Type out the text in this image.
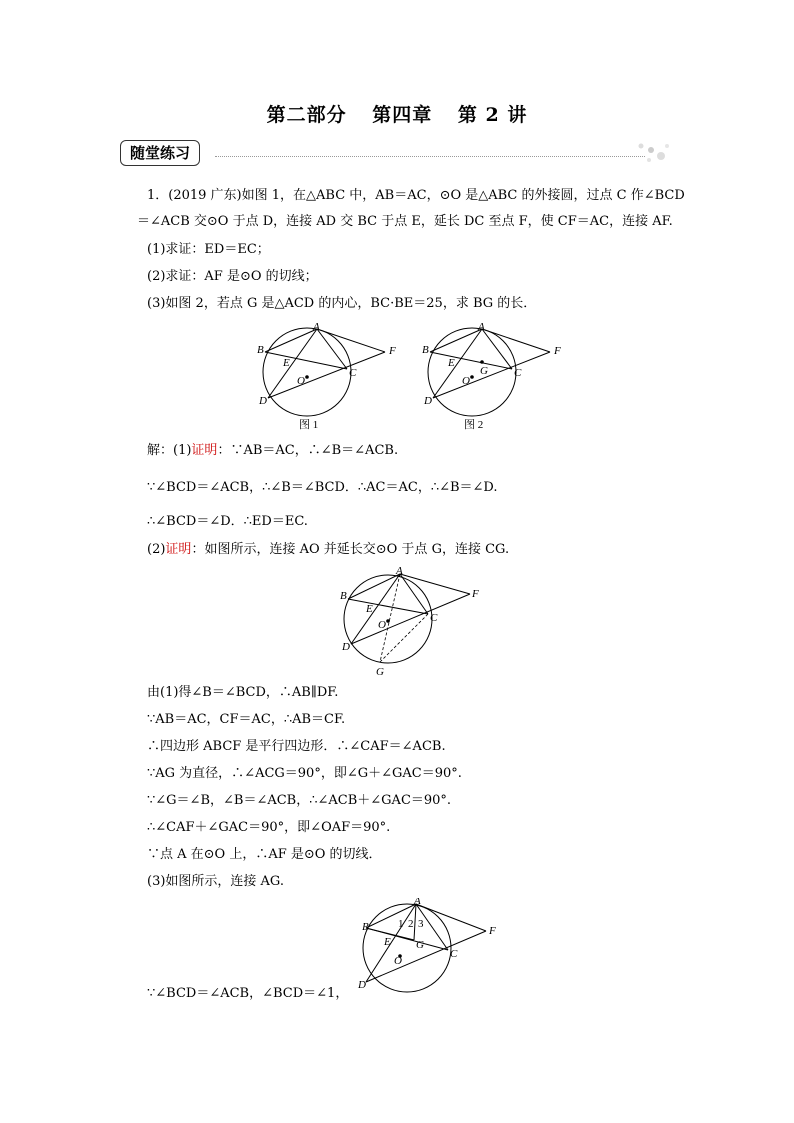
第二部分 第四章 第 2 讲
随堂练习
1．(2019 广东)如图 1，在△ABC 中，AB＝AC，⊙O 是△ABC 的外接圆，过点 C 作∠BCD
＝∠ACB 交⊙O 于点 D，连接 AD 交 BC 于点 E，延长 DC 至点 F，使 CF＝AC，连接 AF.
(1)求证：ED＝EC；
(2)求证：AF 是⊙O 的切线；
(3)如图 2，若点 G 是△ACD 的内心，BC·BE＝25，求 BG 的长．
A
B
C
D
E
F
O
图 1
A
B
C
D
E
F
G
O
图 2
解：(1)证明：∵AB＝AC，∴∠B＝∠ACB.
∵∠BCD＝∠ACB，∴∠B＝∠BCD．∴AC＝AC，∴∠B＝∠D.
∴∠BCD＝∠D．∴ED＝EC.
(2)证明：如图所示，连接 AO 并延长交⊙O 于点 G，连接 CG.
A
B
C
D
E
F
G
O
由(1)得∠B＝∠BCD，∴AB∥DF.
∵AB＝AC，CF＝AC，∴AB＝CF.
∴四边形 ABCF 是平行四边形．∴∠CAF＝∠ACB.
∵AG 为直径，∴∠ACG＝90°，即∠G＋∠GAC＝90°.
∵∠G＝∠B，∠B＝∠ACB，∴∠ACB＋∠GAC＝90°.
∴∠CAF＋∠GAC＝90°，即∠OAF＝90°.
∵点 A 在⊙O 上，∴AF 是⊙O 的切线．
(3)如图所示，连接 AG.
A
B
C
D
E
F
G
O
1 2 3
∵∠BCD＝∠ACB，∠BCD＝∠1，
